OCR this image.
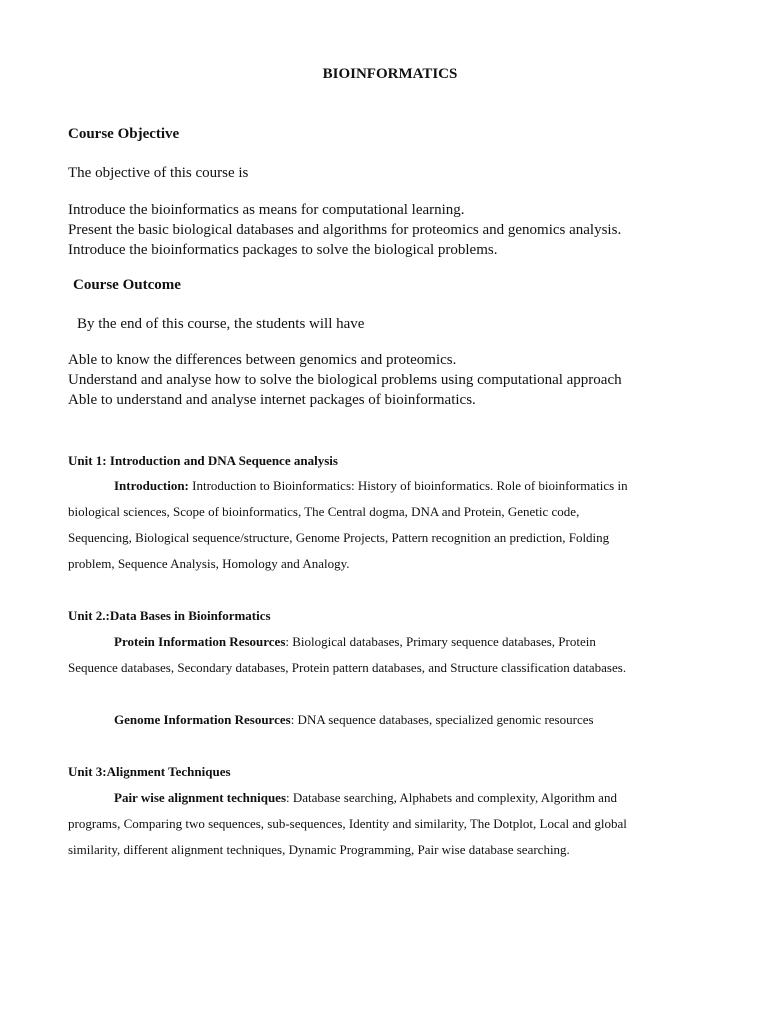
BIOINFORMATICS
Course Objective
The objective of this course is
Introduce the bioinformatics as means for computational learning.
Present the basic biological databases and algorithms for proteomics and genomics analysis.
Introduce the bioinformatics packages to solve the biological problems.
Course Outcome
By the end of this course, the students will have
Able to know the differences between genomics and proteomics.
Understand and analyse how to solve the biological problems using computational approach
Able to understand and analyse internet packages of bioinformatics.
Unit 1: Introduction and DNA Sequence analysis
Introduction: Introduction to Bioinformatics: History of bioinformatics. Role of bioinformatics in
biological sciences, Scope of bioinformatics, The Central dogma, DNA and Protein, Genetic code,
Sequencing, Biological sequence/structure, Genome Projects, Pattern recognition an prediction, Folding
problem, Sequence Analysis, Homology and Analogy.
Unit 2.:Data Bases in Bioinformatics
Protein Information Resources: Biological databases, Primary sequence databases, Protein
Sequence databases, Secondary databases, Protein pattern databases, and Structure classification databases.
Genome Information Resources: DNA sequence databases, specialized genomic resources
Unit 3:Alignment Techniques
Pair wise alignment techniques: Database searching, Alphabets and complexity, Algorithm and
programs, Comparing two sequences, sub-sequences, Identity and similarity, The Dotplot, Local and global
similarity, different alignment techniques, Dynamic Programming, Pair wise database searching.
